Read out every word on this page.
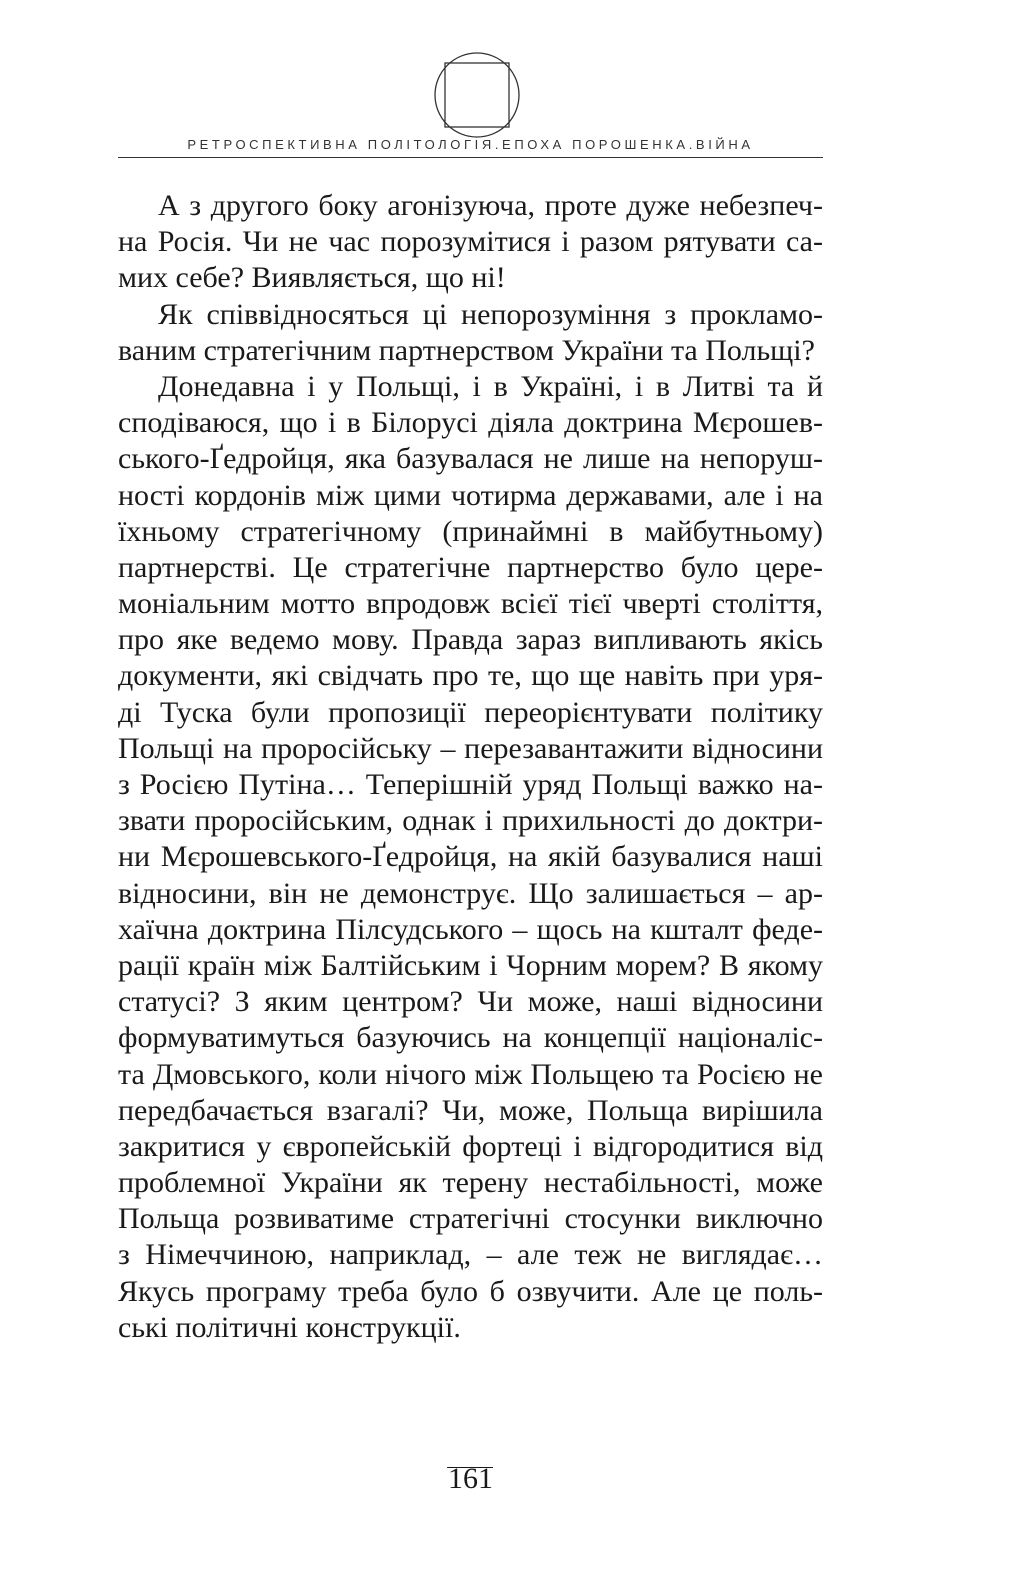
РЕТРОСПЕКТИВНА ПОЛІТОЛОГІЯ.ЕПОХА ПОРОШЕНКА.ВІЙНА
А з другого боку агонізуюча, проте дуже небезпеч-
на Росія. Чи не час порозумітися і разом рятувати са-
мих себе? Виявляється, що ні!
Як співвідносяться ці непорозуміння з прокламо-
ваним стратегічним партнерством України та Польщі?
Донедавна і у Польщі, і в Україні, і в Литві та й
сподіваюся, що і в Білорусі діяла доктрина Мєрошев-
ського-Ґедройця, яка базувалася не лише на непоруш-
ності кордонів між цими чотирма державами, але і на
їхньому стратегічному (принаймні в майбутньому)
партнерстві. Це стратегічне партнерство було цере-
моніальним мотто впродовж всієї тієї чверті століття,
про яке ведемо мову. Правда зараз випливають якісь
документи, які свідчать про те, що ще навіть при уря-
ді Туска були пропозиції переорієнтувати політику
Польщі на проросійську – перезавантажити відносини
з Росією Путіна… Теперішній уряд Польщі важко на-
звати проросійським, однак і прихильності до доктри-
ни Мєрошевського-Ґедройця, на якій базувалися наші
відносини, він не демонструє. Що залишається – ар-
хаїчна доктрина Пілсудського – щось на кшталт феде-
рації країн між Балтійським і Чорним морем? В якому
статусі? З яким центром? Чи може, наші відносини
формуватимуться базуючись на концепції націоналіс-
та Дмовського, коли нічого між Польщею та Росією не
передбачається взагалі? Чи, може, Польща вирішила
закритися у європейській фортеці і відгородитися від
проблемної України як терену нестабільності, може
Польща розвиватиме стратегічні стосунки виключно
з Німеччиною, наприклад, – але теж не виглядає…
Якусь програму треба було б озвучити. Але це поль-
ські політичні конструкції.
161
